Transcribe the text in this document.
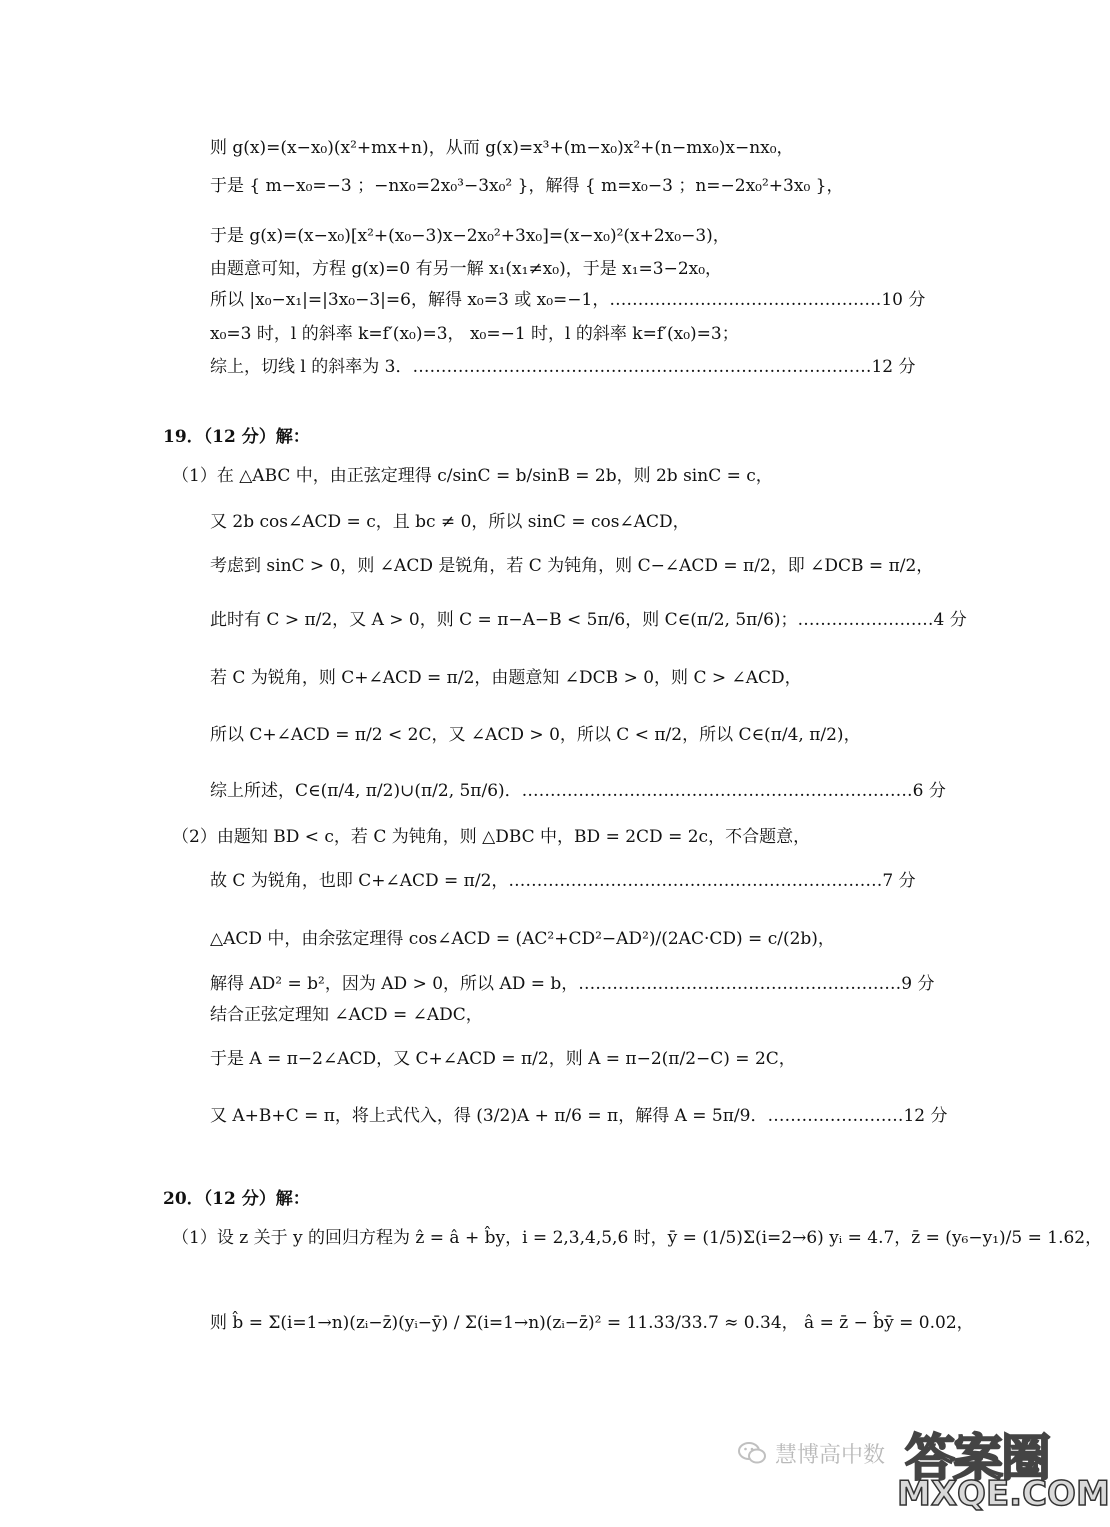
则 g(x)=(x−x₀)(x²+mx+n)，从而 g(x)=x³+(m−x₀)x²+(n−mx₀)x−nx₀，
于是 { m−x₀=−3 ；−nx₀=2x₀³−3x₀² }，解得 { m=x₀−3 ；n=−2x₀²+3x₀ }，
于是 g(x)=(x−x₀)[x²+(x₀−3)x−2x₀²+3x₀]=(x−x₀)²(x+2x₀−3)，
由题意可知，方程 g(x)=0 有另一解 x₁(x₁≠x₀)，于是 x₁=3−2x₀，
所以 |x₀−x₁|=|3x₀−3|=6，解得 x₀=3 或 x₀=−1，…………………………………………10 分
x₀=3 时，l 的斜率 k=f′(x₀)=3， x₀=−1 时，l 的斜率 k=f′(x₀)=3；
综上，切线 l 的斜率为 3．………………………………………………………………………12 分
19．（12 分）解：
（1）在 △ABC 中，由正弦定理得 c/sinC = b/sinB = 2b，则 2b sinC = c，
又 2b cos∠ACD = c，且 bc ≠ 0，所以 sinC = cos∠ACD，
考虑到 sinC > 0，则 ∠ACD 是锐角，若 C 为钝角，则 C−∠ACD = π/2，即 ∠DCB = π/2，
此时有 C > π/2，又 A > 0，则 C = π−A−B < 5π/6，则 C∈(π/2, 5π/6)；……………………4 分
若 C 为锐角，则 C+∠ACD = π/2，由题意知 ∠DCB > 0，则 C > ∠ACD，
所以 C+∠ACD = π/2 < 2C，又 ∠ACD > 0，所以 C < π/2，所以 C∈(π/4, π/2)，
综上所述，C∈(π/4, π/2)∪(π/2, 5π/6)．……………………………………………………………6 分
（2）由题知 BD < c，若 C 为钝角，则 △DBC 中，BD = 2CD = 2c，不合题意，
故 C 为锐角，也即 C+∠ACD = π/2，…………………………………………………………7 分
△ACD 中，由余弦定理得 cos∠ACD = (AC²+CD²−AD²)/(2AC·CD) = c/(2b)，
解得 AD² = b²，因为 AD > 0，所以 AD = b，…………………………………………………9 分
结合正弦定理知 ∠ACD = ∠ADC，
于是 A = π−2∠ACD，又 C+∠ACD = π/2，则 A = π−2(π/2−C) = 2C，
又 A+B+C = π，将上式代入，得 (3/2)A + π/6 = π，解得 A = 5π/9．……………………12 分
20．（12 分）解：
（1）设 z 关于 y 的回归方程为 ẑ = â + b̂y，i = 2,3,4,5,6 时，ȳ = (1/5)Σ(i=2→6) yᵢ = 4.7，z̄ = (y₆−y₁)/5 = 1.62，
则 b̂ = Σ(i=1→n)(zᵢ−z̄)(yᵢ−ȳ) / Σ(i=1→n)(zᵢ−z̄)² = 11.33/33.7 ≈ 0.34， â = z̄ − b̂ȳ = 0.02，
慧博高中数 答案圈
MXQE.COM
